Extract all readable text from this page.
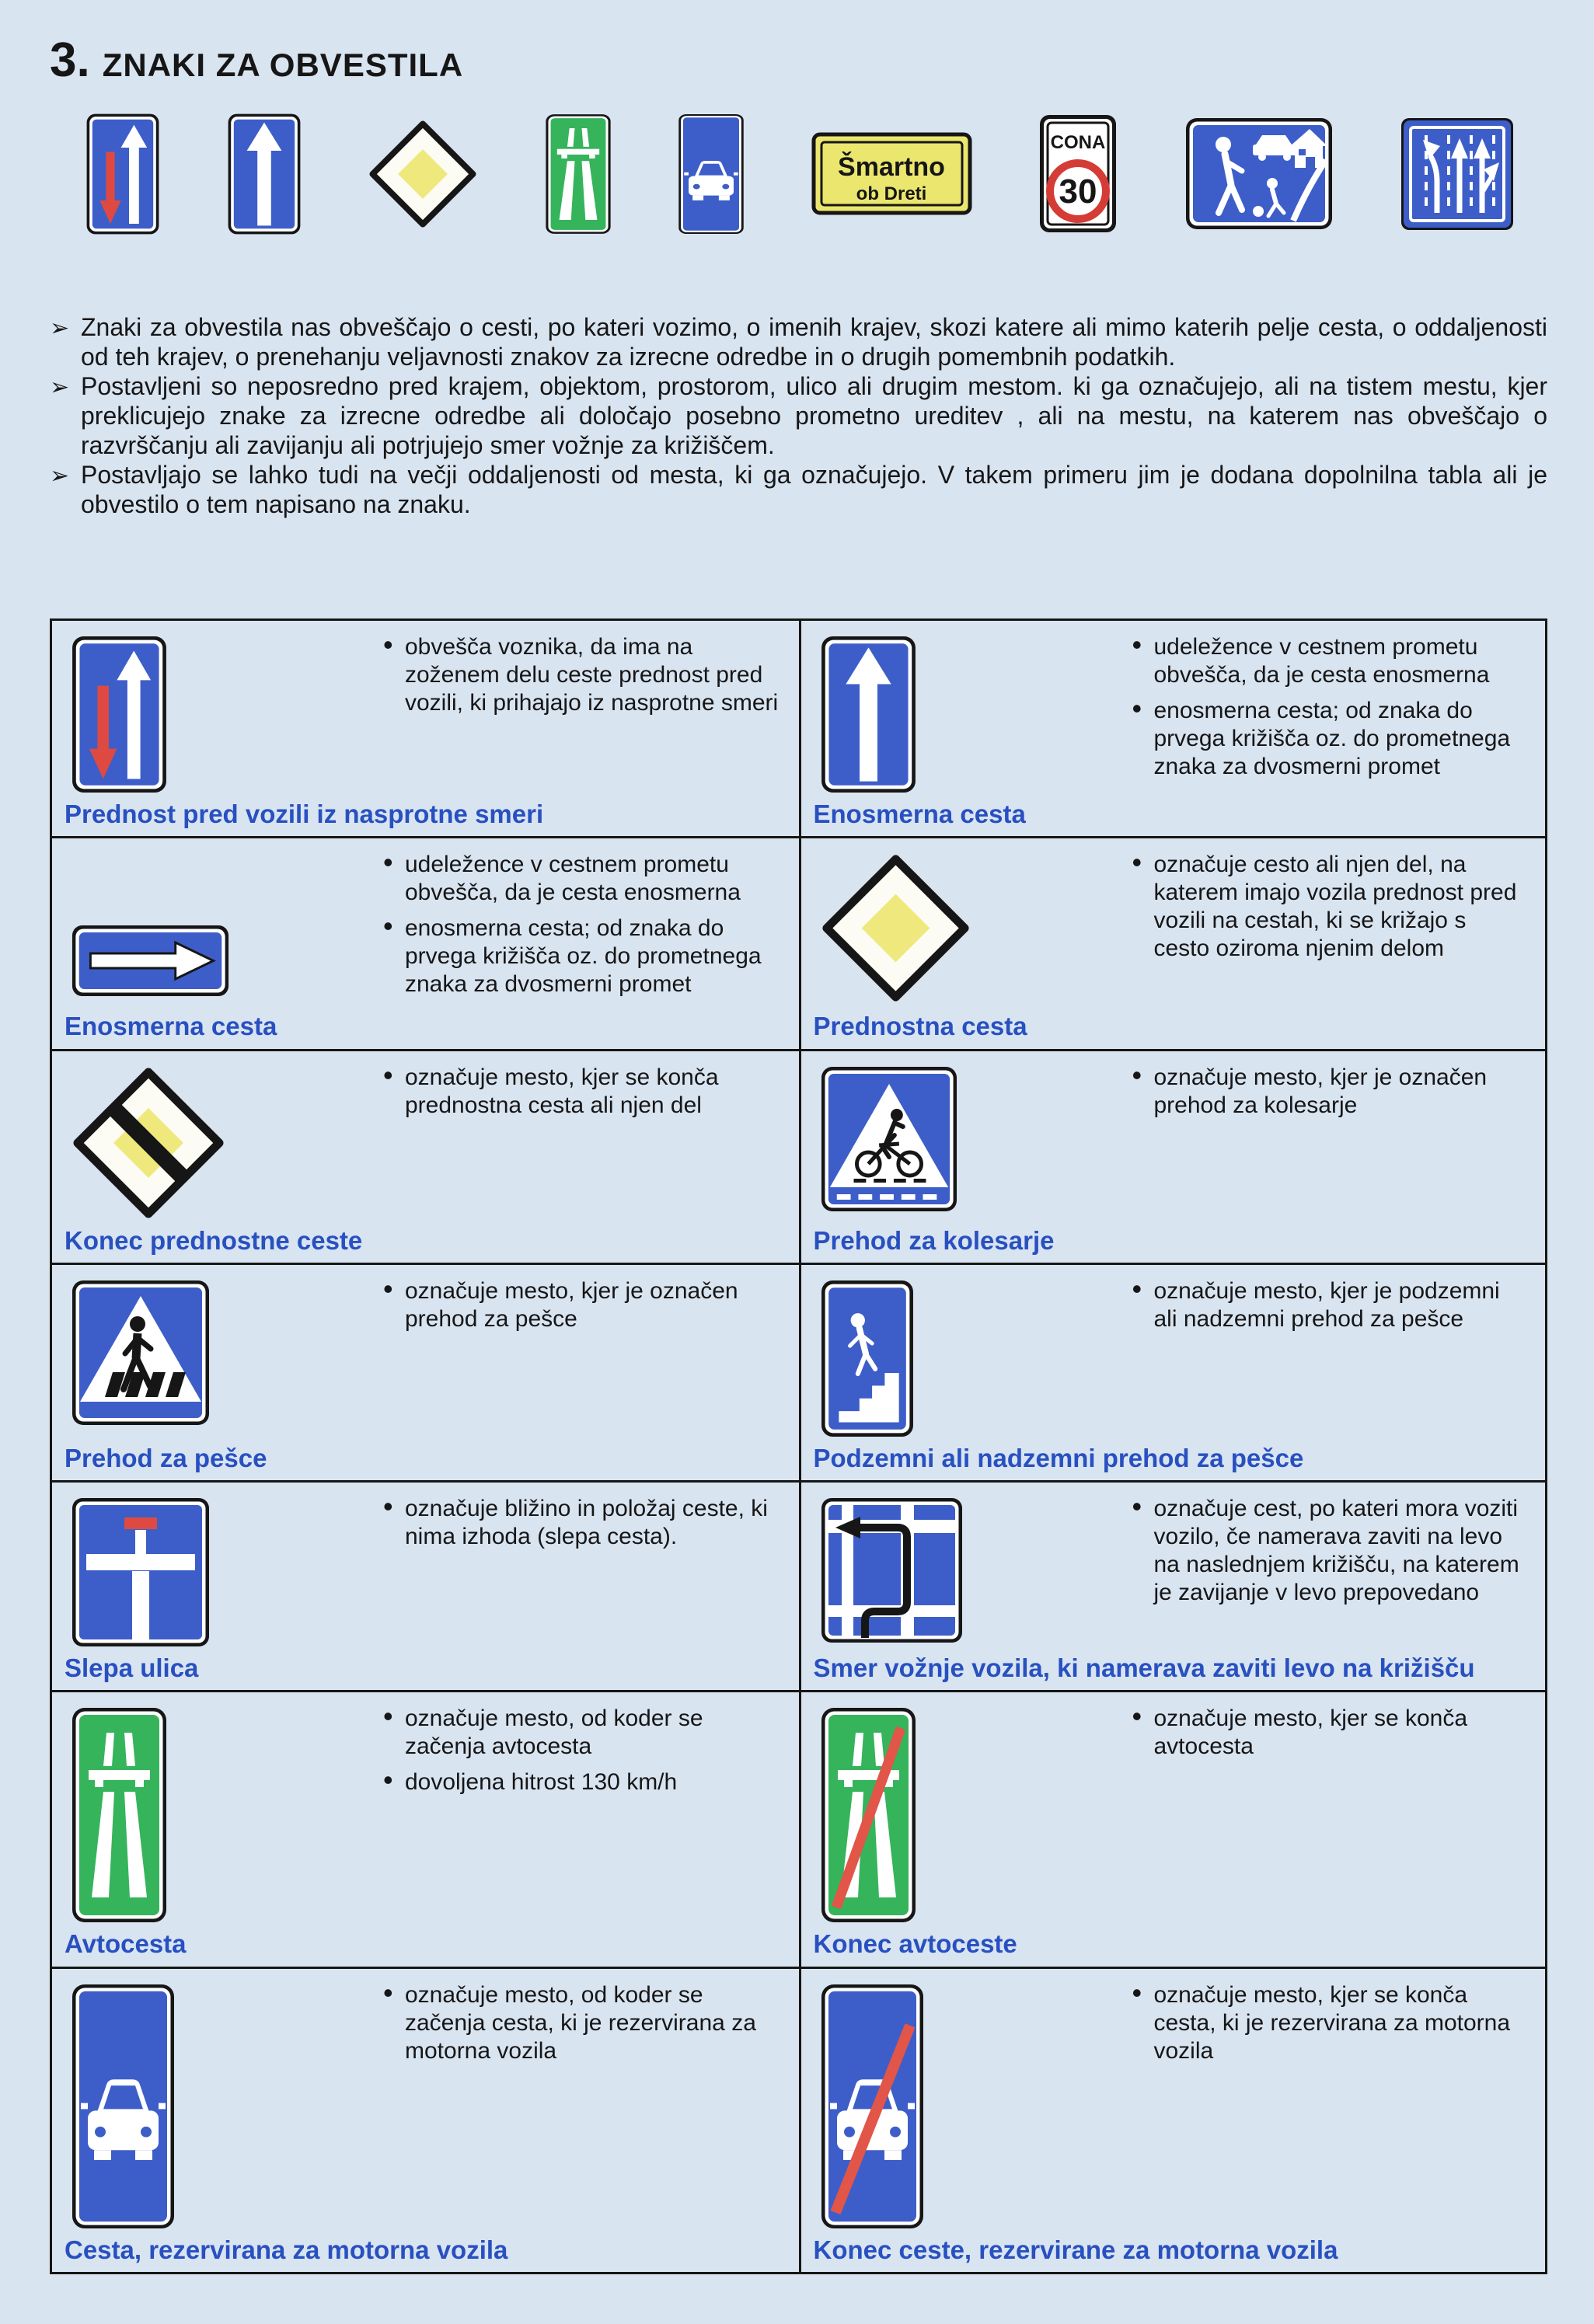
3. ZNAKI ZA OBVESTILA
Šmartno
ob Dreti
CONA
30
➢ Znaki za obvestila nas obveščajo o cesti, po kateri vozimo, o imenih krajev, skozi katere ali mimo katerih pelje cesta, o oddaljenosti od teh krajev, o prenehanju veljavnosti znakov za izrecne odredbe in o drugih pomembnih podatkih.

➢ Postavljeni so neposredno pred krajem, objektom, prostorom, ulico ali drugim mestom. ki ga označujejo, ali na tistem mestu, kjer preklicujejo znake za izrecne odredbe ali določajo posebno prometno ureditev , ali na mestu, na katerem nas obveščajo o razvrščanju ali zavijanju ali potrjujejo smer vožnje za križiščem.

➢ Postavljajo se lahko tudi na večji oddaljenosti od mesta, ki ga označujejo. V takem primeru jim je dodana dopolnilna tabla ali je obvestilo o tem napisano na znaku.

• obvešča voznika, da ima na zoženem delu ceste prednost pred vozili, ki prihajajo iz nasprotne smeri
Prednost pred vozili iz nasprotne smeri
• udeležence v cestnem prometu obvešča, da je cesta enosmerna
• enosmerna cesta; od znaka do prvega križišča oz. do prometnega znaka za dvosmerni promet
Enosmerna cesta
• udeležence v cestnem prometu obvešča, da je cesta enosmerna
• enosmerna cesta; od znaka do prvega križišča oz. do prometnega znaka za dvosmerni promet
Enosmerna cesta
• označuje cesto ali njen del, na katerem imajo vozila prednost pred vozili na cestah, ki se križajo s cesto oziroma njenim delom
Prednostna cesta
• označuje mesto, kjer se konča prednostna cesta ali njen del
Konec prednostne ceste
• označuje mesto, kjer je označen prehod za kolesarje
Prehod za kolesarje
• označuje mesto, kjer je označen prehod za pešce
Prehod za pešce
• označuje mesto, kjer je podzemni ali nadzemni prehod za pešce
Podzemni ali nadzemni prehod za pešce
• označuje bližino in položaj ceste, ki nima izhoda (slepa cesta).
Slepa ulica
• označuje cest, po kateri mora voziti vozilo, če namerava zaviti na levo na naslednjem križišču, na katerem je zavijanje v levo prepovedano
Smer vožnje vozila, ki namerava zaviti levo na križišču
• označuje mesto, od koder se začenja avtocesta
• dovoljena hitrost 130 km/h
Avtocesta
• označuje mesto, kjer se konča avtocesta
Konec avtoceste
• označuje mesto, od koder se začenja cesta, ki je rezervirana za motorna vozila
Cesta, rezervirana za motorna vozila
• označuje mesto, kjer se konča cesta, ki je rezervirana za motorna vozila
Konec ceste, rezervirane za motorna vozila
